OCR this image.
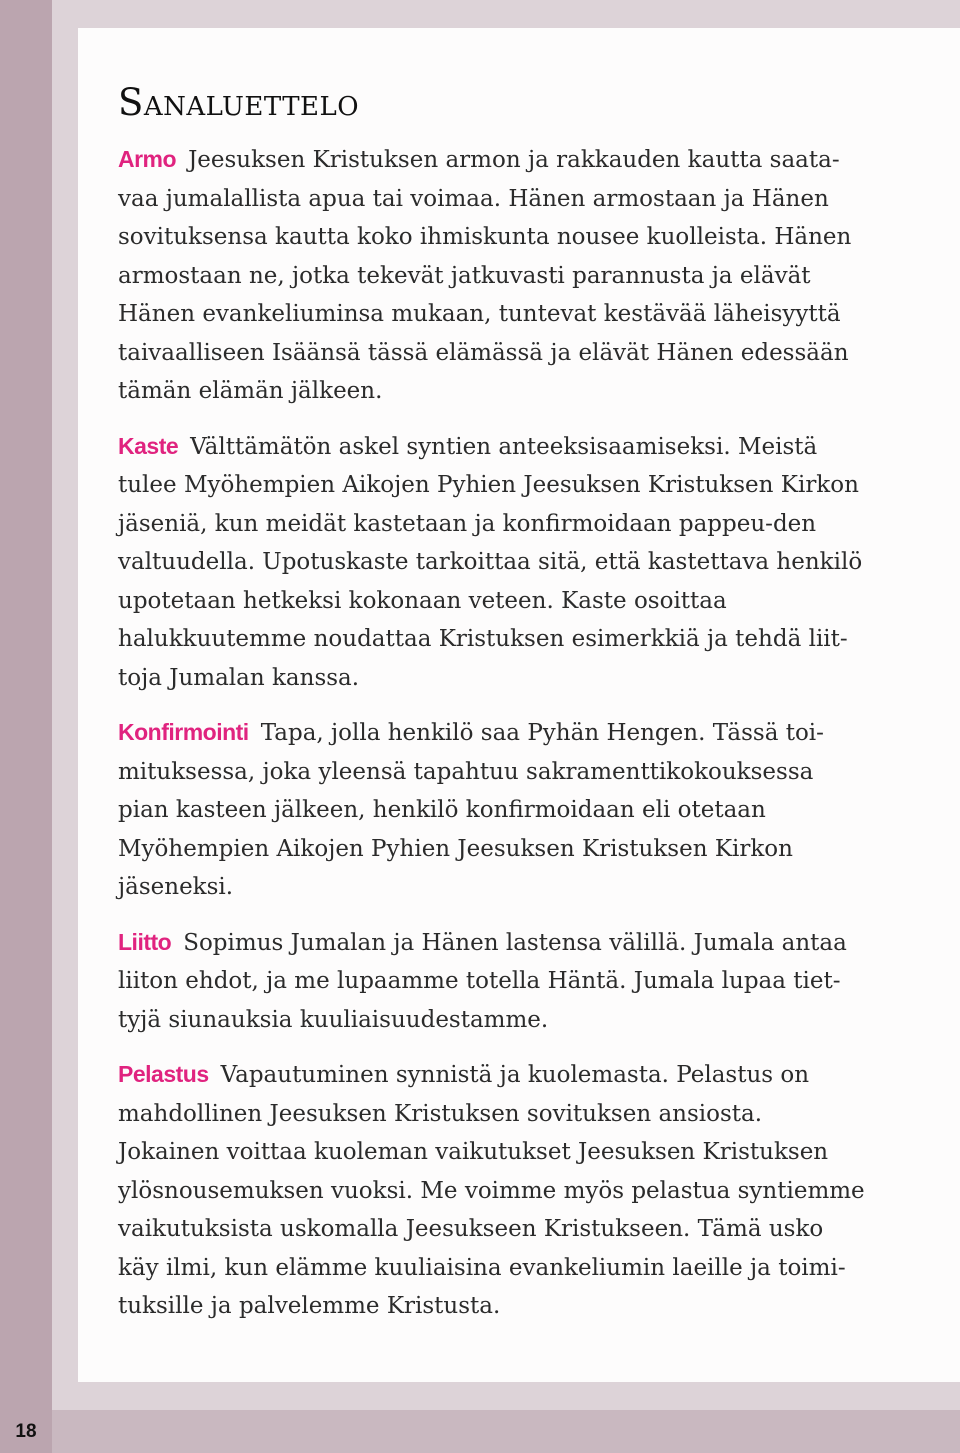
Sanaluettelo

Armo Jeesuksen Kristuksen armon ja rakkauden kautta saata-vaa jumalallista apua tai voimaa. Hänen armostaan ja Hänen sovituksensa kautta koko ihmiskunta nousee kuolleista. Hänen armostaan ne, jotka tekevät jatkuvasti parannusta ja elävät Hänen evankeliuminsa mukaan, tuntevat kestävää läheisyyttä taivaalliseen Isäänsä tässä elämässä ja elävät Hänen edessään tämän elämän jälkeen.

Kaste Välttämätön askel syntien anteeksisaamiseksi. Meistä tulee Myöhempien Aikojen Pyhien Jeesuksen Kristuksen Kirkon jäseniä, kun meidät kastetaan ja konfirmoidaan pappeu-den valtuudella. Upotuskaste tarkoittaa sitä, että kastettava henkilö upotetaan hetkeksi kokonaan veteen. Kaste osoittaa halukkuutemme noudattaa Kristuksen esimerkkiä ja tehdä liit-toja Jumalan kanssa.

Konfirmointi Tapa, jolla henkilö saa Pyhän Hengen. Tässä toi-mituksessa, joka yleensä tapahtuu sakramenttikokouksessa pian kasteen jälkeen, henkilö konfirmoidaan eli otetaan Myöhempien Aikojen Pyhien Jeesuksen Kristuksen Kirkon jäseneksi.

Liitto Sopimus Jumalan ja Hänen lastensa välillä. Jumala antaa liiton ehdot, ja me lupaamme totella Häntä. Jumala lupaa tiet-tyjä siunauksia kuuliaisuudestamme.

Pelastus Vapautuminen synnistä ja kuolemasta. Pelastus on mahdollinen Jeesuksen Kristuksen sovituksen ansiosta. Jokainen voittaa kuoleman vaikutukset Jeesuksen Kristuksen ylösnousemuksen vuoksi. Me voimme myös pelastua syntiemme vaikutuksista uskomalla Jeesukseen Kristukseen. Tämä usko käy ilmi, kun elämme kuuliaisina evankeliumin laeille ja toimi-tuksille ja palvelemme Kristusta.

18
